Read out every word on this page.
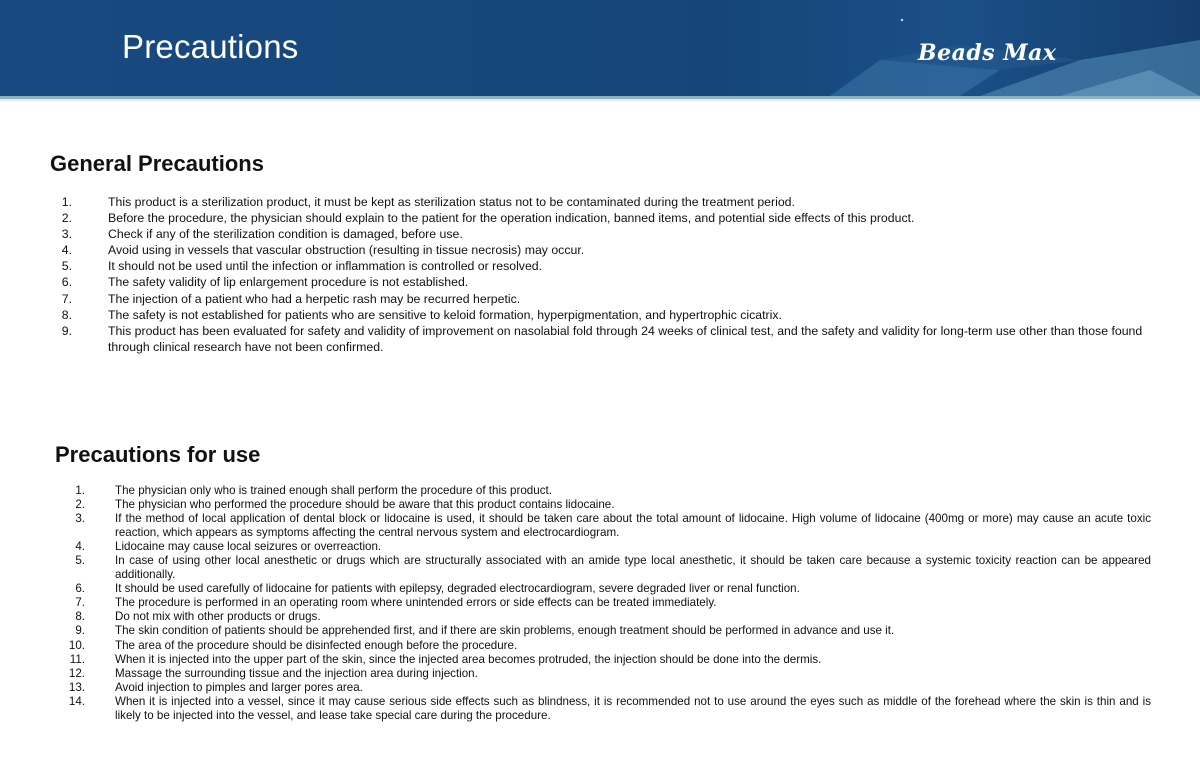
Precautions	Beads Max
General Precautions
1.	This product is a sterilization product, it must be kept as sterilization status not to be contaminated during the treatment period.
2.	Before the procedure, the physician should explain to the patient for the operation indication, banned items, and potential side effects of this product.
3.	Check if any of the sterilization condition is damaged, before use.
4.	Avoid using in vessels that vascular obstruction (resulting in tissue necrosis) may occur.
5.	It should not be used until the infection or inflammation is controlled or resolved.
6.	The safety validity of lip enlargement procedure is not established.
7.	The injection of a patient who had a herpetic rash may be recurred herpetic.
8.	The safety is not established for patients who are sensitive to keloid formation, hyperpigmentation, and hypertrophic cicatrix.
9.	This product has been evaluated for safety and validity of improvement on nasolabial fold through 24 weeks of clinical test, and the safety and validity for long-term use other than those found through clinical research have not been confirmed.
Precautions for use
1.	The physician only who is trained enough shall perform the procedure of this product.
2.	The physician who performed the procedure should be aware that this product contains lidocaine.
3.	If the method of local application of dental block or lidocaine is used, it should be taken care about the total amount of lidocaine. High volume of lidocaine (400mg or more) may cause an acute toxic reaction, which appears as symptoms affecting the central nervous system and electrocardiogram.
4.	Lidocaine may cause local seizures or overreaction.
5.	In case of using other local anesthetic or drugs which are structurally associated with an amide type local anesthetic, it should be taken care because a systemic toxicity reaction can be appeared additionally.
6.	It should be used carefully of lidocaine for patients with epilepsy, degraded electrocardiogram, severe degraded liver or renal function.
7.	The procedure is performed in an operating room where unintended errors or side effects can be treated immediately.
8.	Do not mix with other products or drugs.
9.	The skin condition of patients should be apprehended first, and if there are skin problems, enough treatment should be performed in advance and use it.
10.	The area of the procedure should be disinfected enough before the procedure.
11.	When it is injected into the upper part of the skin, since the injected area becomes protruded, the injection should be done into the dermis.
12.	Massage the surrounding tissue and the injection area during injection.
13.	Avoid injection to pimples and larger pores area.
14.	When it is injected into a vessel, since it may cause serious side effects such as blindness, it is recommended not to use around the eyes such as middle of the forehead where the skin is thin and is likely to be injected into the vessel, and lease take special care during the procedure.
